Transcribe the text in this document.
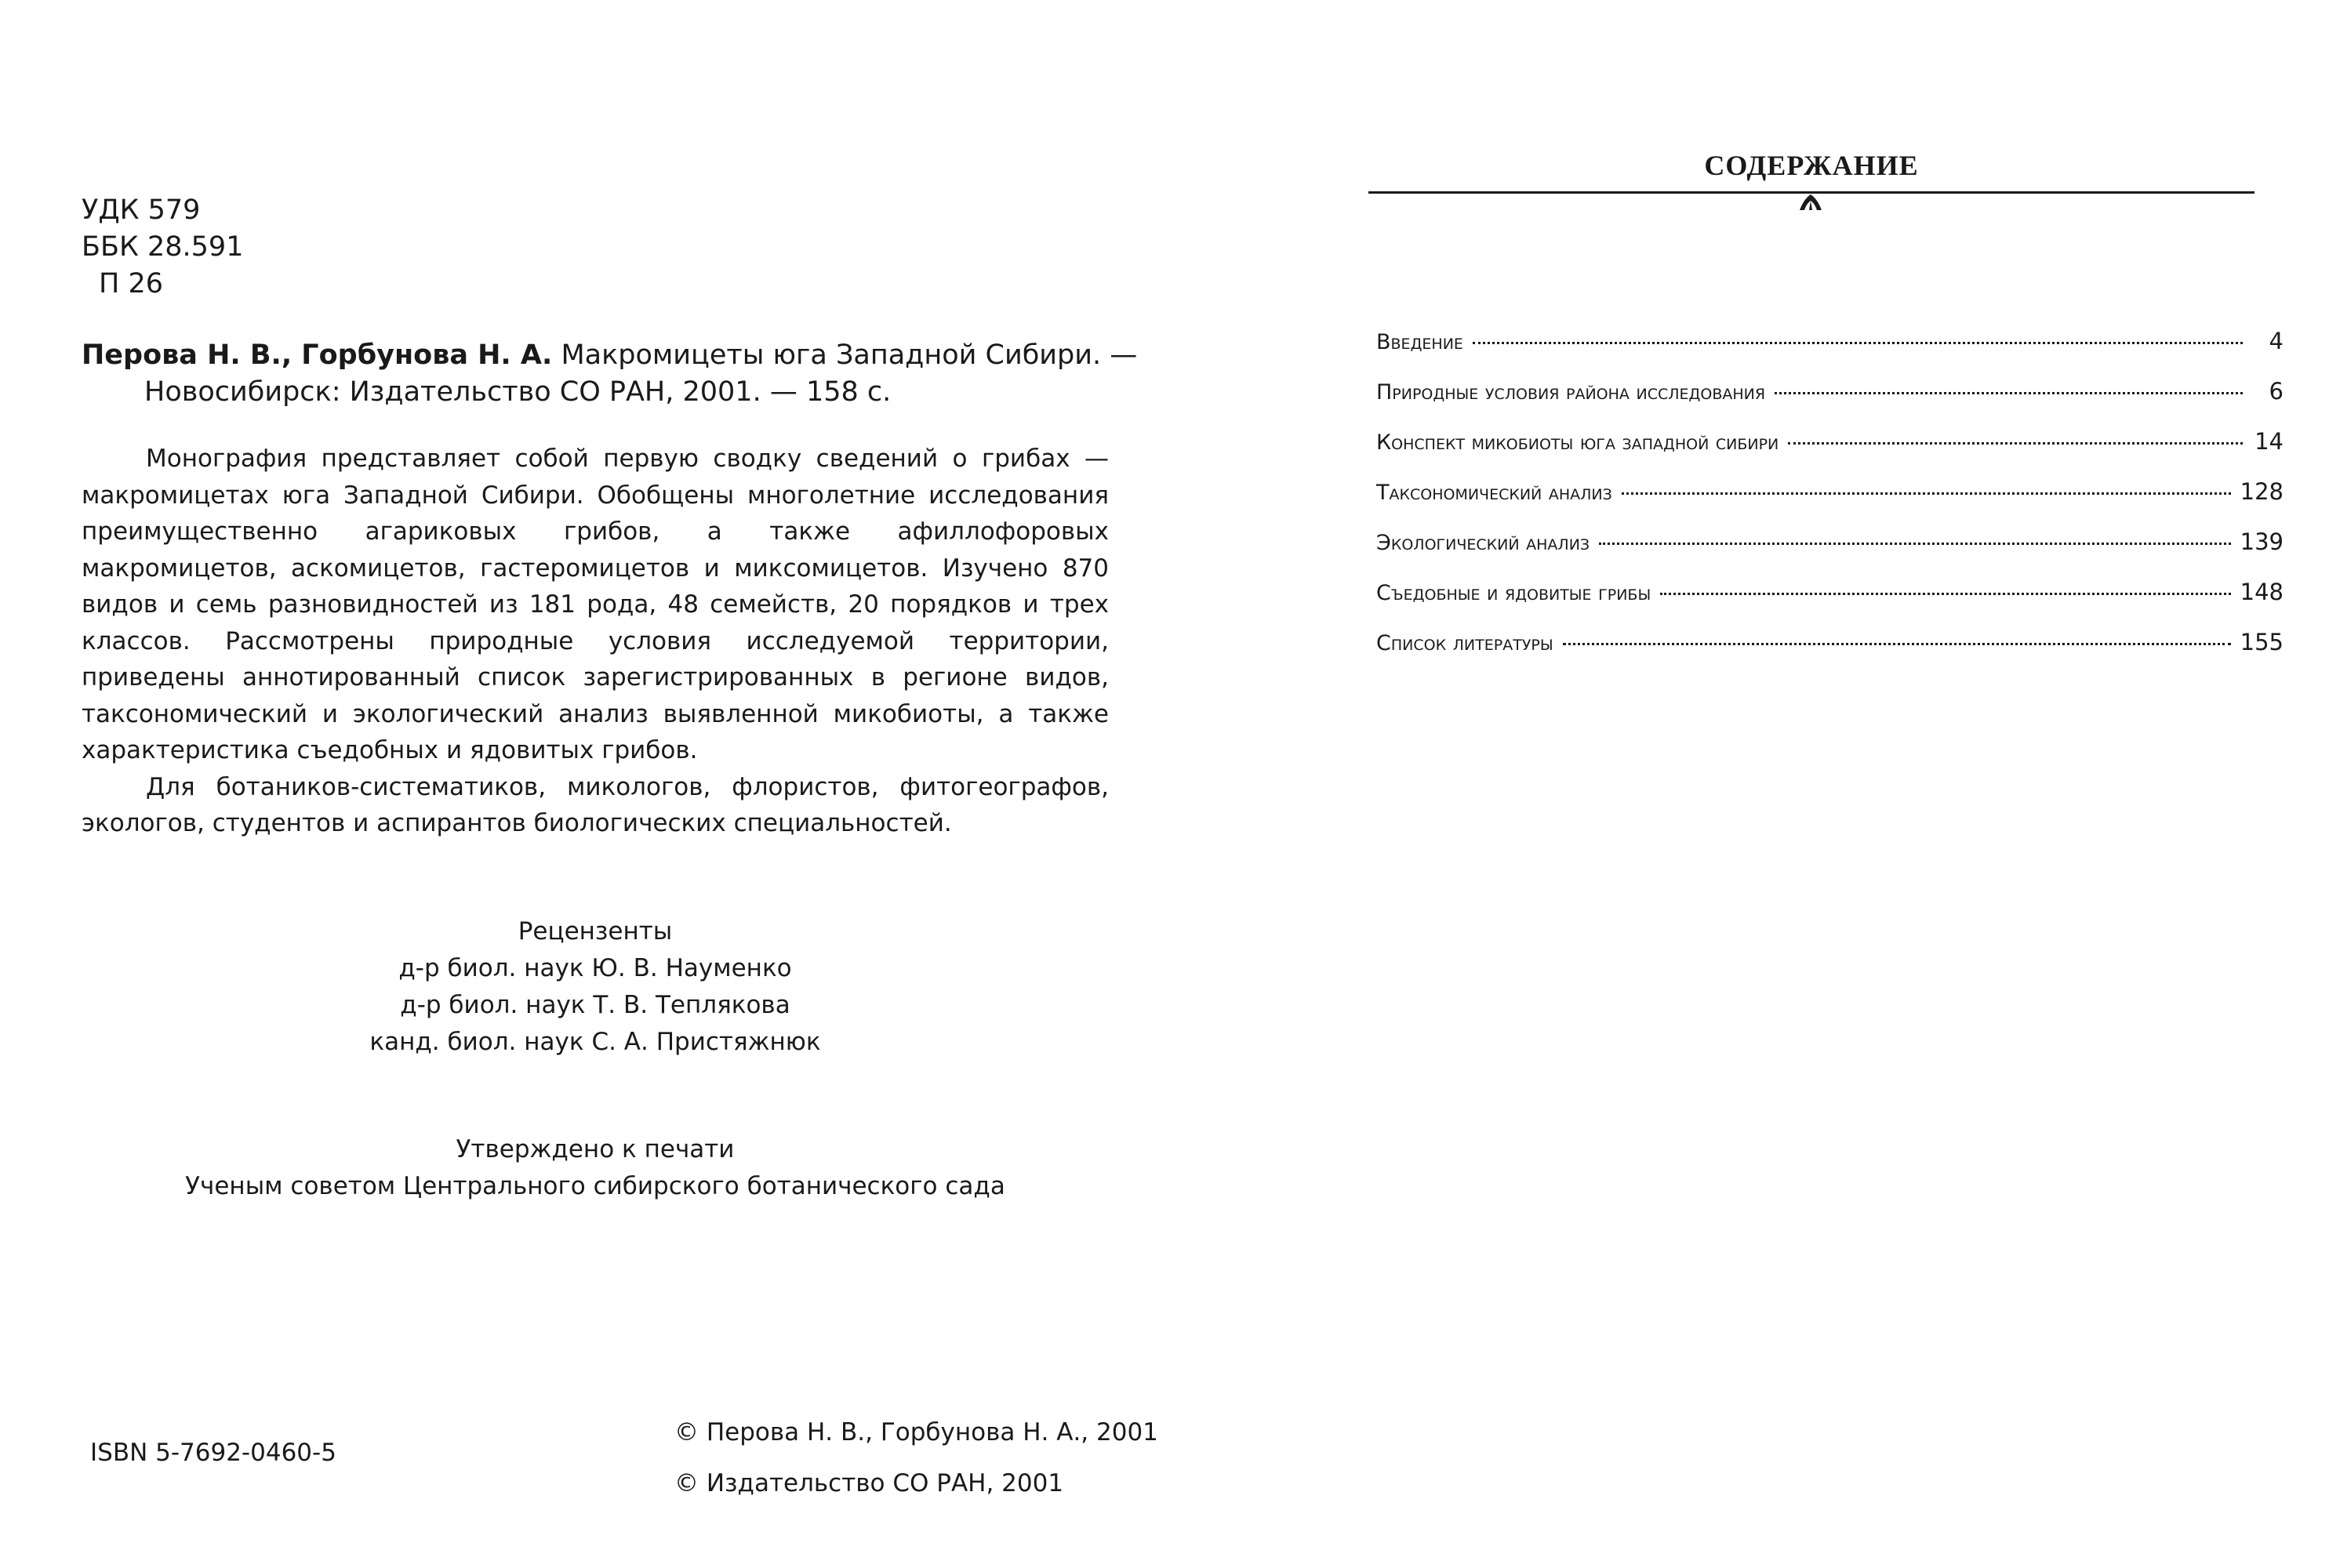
УДК 579
ББК 28.591
П 26
Перова Н. В., Горбунова Н. А. Макромицеты юга Западной Сибири. —
Новосибирск: Издательство СО РАН, 2001. — 158 с.

Монография представляет собой первую сводку сведений о грибах — макромицетах юга Западной Сибири. Обобщены многолетние исследования преимущественно агариковых грибов, а также афиллофоровых макромицетов, аскомицетов, гастеромицетов и миксомицетов. Изучено 870 видов и семь разновидностей из 181 рода, 48 семейств, 20 порядков и трех классов. Рассмотрены природные условия исследуемой территории, приведены аннотированный список зарегистрированных в регионе видов, таксономический и экологический анализ выявленной микобиоты, а также характеристика съедобных и ядовитых грибов.

Для ботаников-систематиков, микологов, флористов, фитогеографов, экологов, студентов и аспирантов биологических специальностей.

Рецензенты
д-р биол. наук Ю. В. Науменко
д-р биол. наук Т. В. Теплякова
канд. биол. наук С. А. Пристяжнюк
Утверждено к печати
Ученым советом Центрального сибирского ботанического сада
ISBN 5-7692-0460-5
© Перова Н. В., Горбунова Н. А., 2001
© Издательство СО РАН, 2001
СОДЕРЖАНИЕ
Введение	4
Природные условия района исследования	6
Конспект микобиоты юга западной сибири	14
Таксономический анализ	128
Экологический анализ	139
Съедобные и ядовитые грибы	148
Список литературы	155
